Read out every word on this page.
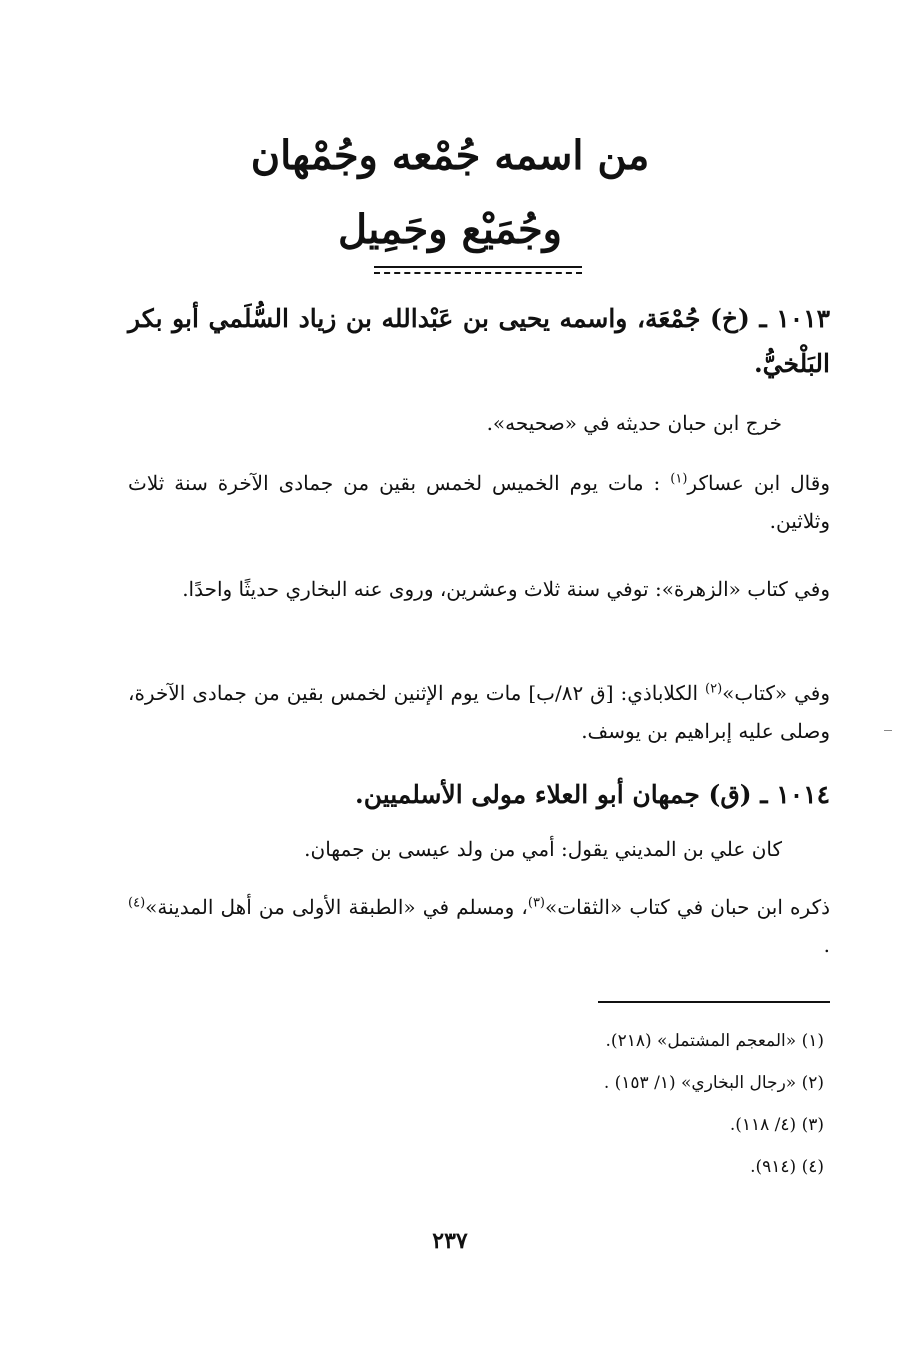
من اسمه جُمْعه وجُمْهان
وجُمَيْع وجَمِيل
١٠١٣ ـ (خ) جُمْعَة، واسمه يحيى بن عَبْدالله بن زياد السُّلَمي أبو بكر البَلْخيُّ.

خرج ابن حبان حديثه في «صحيحه».

وقال ابن عساكر$^{(١)}$ : مات يوم الخميس لخمس بقين من جمادى الآخرة سنة ثلاث وثلاثين.

وفي كتاب «الزهرة»: توفي سنة ثلاث وعشرين، وروى عنه البخاري حديثًا واحدًا.

وفي «كتاب»$^{(٢)}$ الكلاباذي: [ق ٨٢/ب] مات يوم الإثنين لخمس بقين من جمادى الآخرة، وصلى عليه إبراهيم بن يوسف.

١٠١٤ ـ (ق) جمهان أبو العلاء مولى الأسلميين.

كان علي بن المديني يقول: أمي من ولد عيسى بن جمهان.

ذكره ابن حبان في كتاب «الثقات»$^{(٣)}$، ومسلم في «الطبقة الأولى من أهل المدينة»$^{(٤)}$ .

(١) «المعجم المشتمل» (٢١٨).
(٢) «رجال البخاري» (١/ ١٥٣) .
(٣) (٤/ ١١٨).
(٤) (٩١٤).
٢٣٧
